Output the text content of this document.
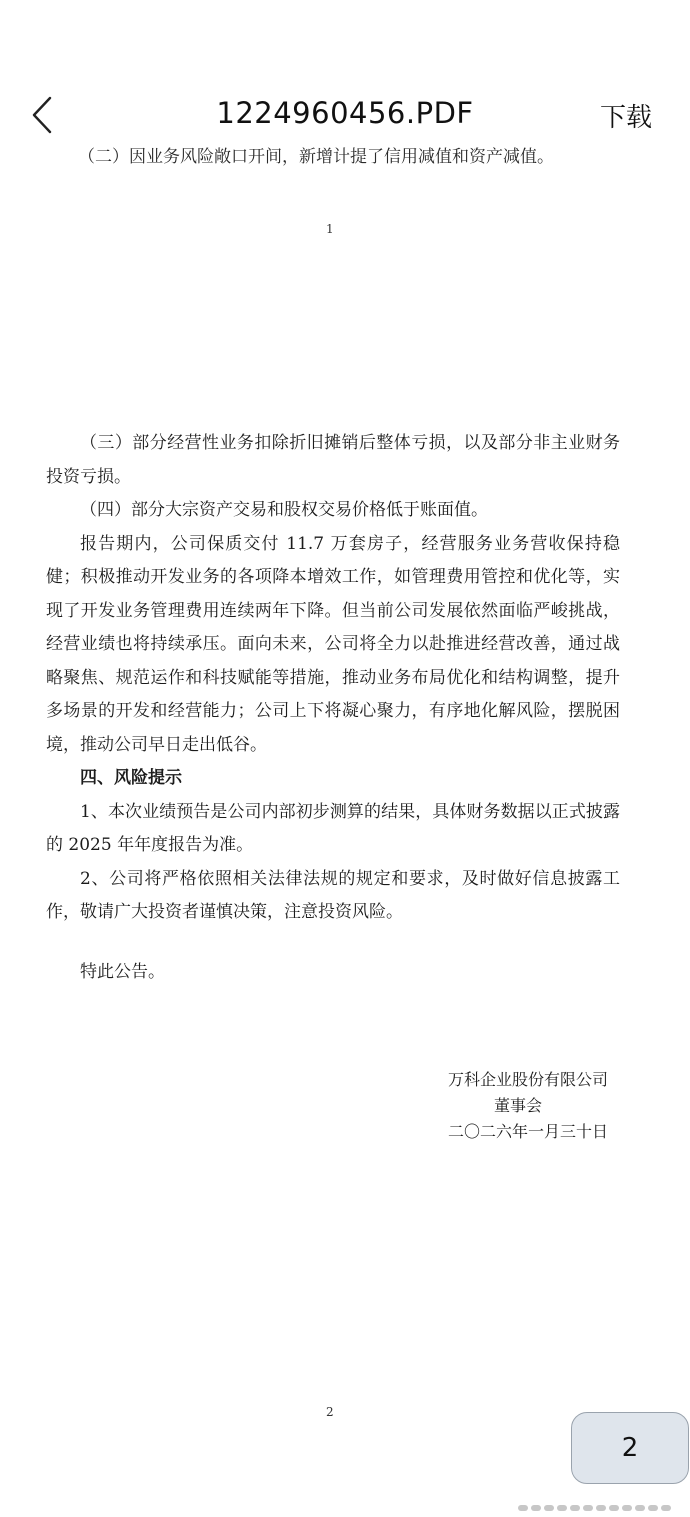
1224960456.PDF	下载
（二）因业务风险敞口开间，新增计提了信用减值和资产减值。
1

（三）部分经营性业务扣除折旧摊销后整体亏损，以及部分非主业财务投资亏损。

（四）部分大宗资产交易和股权交易价格低于账面值。

报告期内，公司保质交付 11.7 万套房子，经营服务业务营收保持稳健；积极推动开发业务的各项降本增效工作，如管理费用管控和优化等，实现了开发业务管理费用连续两年下降。但当前公司发展依然面临严峻挑战，经营业绩也将持续承压。面向未来，公司将全力以赴推进经营改善，通过战略聚焦、规范运作和科技赋能等措施，推动业务布局优化和结构调整，提升多场景的开发和经营能力；公司上下将凝心聚力，有序地化解风险，摆脱困境，推动公司早日走出低谷。

四、风险提示

1、本次业绩预告是公司内部初步测算的结果，具体财务数据以正式披露的 2025 年年度报告为准。

2、公司将严格依照相关法律法规的规定和要求，及时做好信息披露工作，敬请广大投资者谨慎决策，注意投资风险。

特此公告。

万科企业股份有限公司
董事会
二〇二六年一月三十日
2
2
